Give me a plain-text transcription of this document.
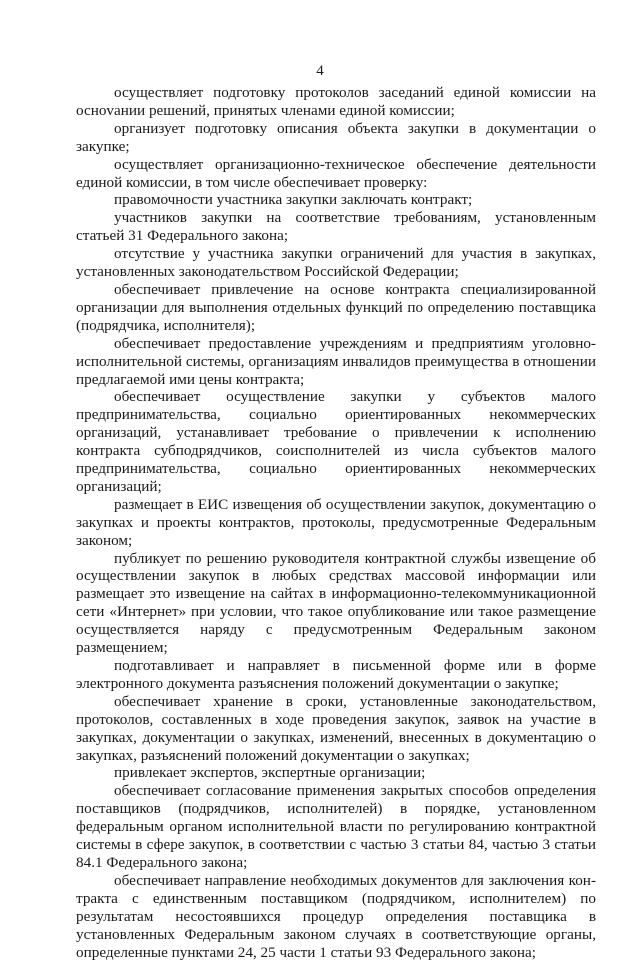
4

осуществляет подготовку протоколов заседаний единой комиссии на осноvании решений, принятых членами единой комиссии;

организует подготовку описания объекта закупки в документации о закупке;

осуществляет организационно-техническое обеспечение деятельности единой комиссии, в том числе обеспечивает проверку:

правомочности участника закупки заключать контракт;

участников закупки на соответствие требованиям, установленным статьей 31 Федерального закона;

отсутствие у участника закупки ограничений для участия в закупках, установленных законодательством Российской Федерации;

обеспечивает привлечение на основе контракта специализированной организации для выполнения отдельных функций по определению поставщика (подрядчика, исполнителя);

обеспечивает предоставление учреждениям и предприятиям уголовно-исполнительной системы, организациям инвалидов преимущества в отношении предлагаемой ими цены контракта;

обеспечивает осуществление закупки у субъектов малого предпринимательства, социально ориентированных некоммерческих организаций, устанавливает требование о привлечении к исполнению контракта субподрядчиков, соисполнителей из числа субъектов малого предпринимательства, социально ориентированных некоммерческих организаций;

размещает в ЕИС извещения об осуществлении закупок, документацию о закупках и проекты контрактов, протоколы, предусмотренные Федеральным законом;

публикует по решению руководителя контрактной службы извещение об осуществлении закупок в любых средствах массовой информации или размещает это извещение на сайтах в информационно-телекоммуникационной сети «Интернет» при условии, что такое опубликование или такое размещение осуществляется наряду с предусмотренным Федеральным законом размещением;

подготавливает и направляет в письменной форме или в форме электронного документа разъяснения положений документации о закупке;

обеспечивает хранение в сроки, установленные законодательством, протоколов, составленных в ходе проведения закупок, заявок на участие в закупках, документации о закупках, изменений, внесенных в документацию о закупках, разъяснений положений документации о закупках;

привлекает экспертов, экспертные организации;

обеспечивает согласование применения закрытых способов определения поставщиков (подрядчиков, исполнителей) в порядке, установленном федеральным органом исполнительной власти по регулированию контрактной системы в сфере закупок, в соответствии с частью 3 статьи 84, частью 3 статьи 84.1 Федерального закона;

обеспечивает направление необходимых документов для заключения контракта с единственным поставщиком (подрядчиком, исполнителем) по результатам несостоявшихся процедур определения поставщика в установленных Федеральным законом случаях в соответствующие органы, определенные пунктами 24, 25 части 1 статьи 93 Федерального закона;
